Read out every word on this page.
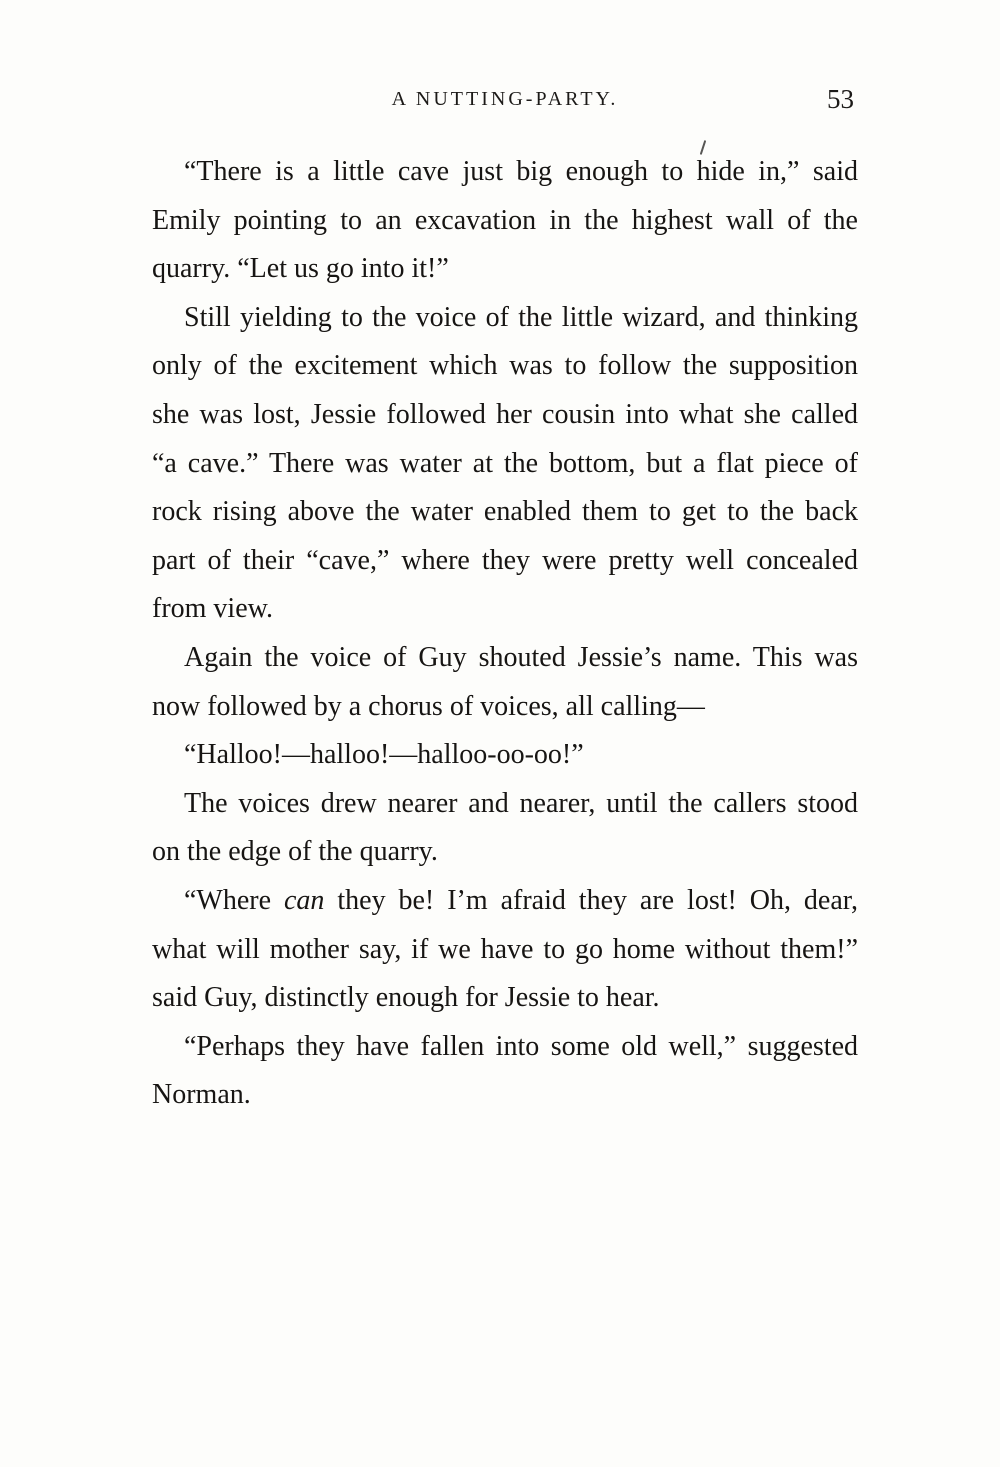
A NUTTING-PARTY.	53

“There is a little cave just big enough to hide in,” said Emily pointing to an excavation in the highest wall of the quarry. “Let us go into it!”

Still yielding to the voice of the little wizard, and thinking only of the excitement which was to follow the supposition she was lost, Jessie followed her cousin into what she called “a cave.” There was water at the bottom, but a flat piece of rock rising above the water enabled them to get to the back part of their “cave,” where they were pretty well concealed from view.

Again the voice of Guy shouted Jessie’s name. This was now followed by a chorus of voices, all calling—

“Halloo!—halloo!—halloo-oo-oo!”

The voices drew nearer and nearer, until the callers stood on the edge of the quarry.

“Where can they be! I’m afraid they are lost! Oh, dear, what will mother say, if we have to go home without them!” said Guy, distinctly enough for Jessie to hear.

“Perhaps they have fallen into some old well,” suggested Norman.
